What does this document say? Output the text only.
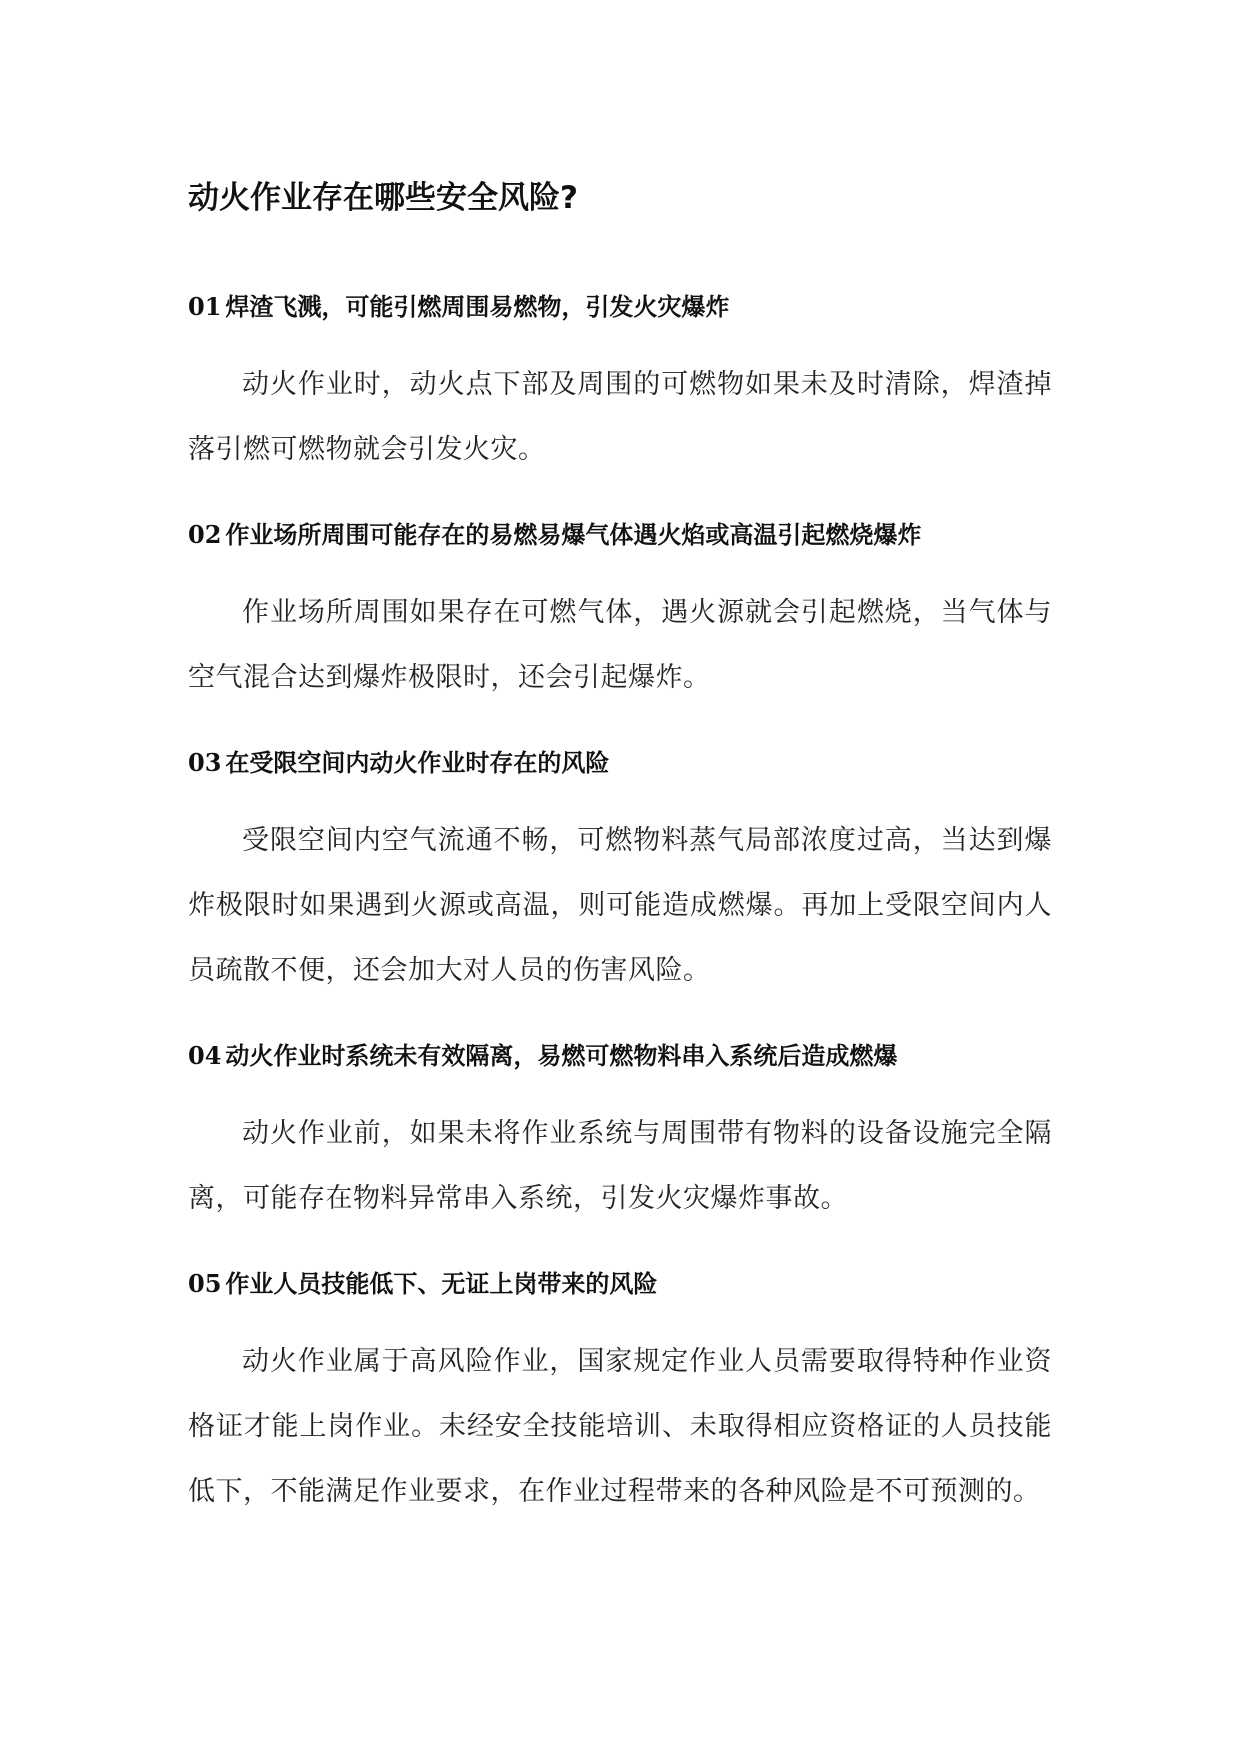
动火作业存在哪些安全风险?
01 焊渣飞溅，可能引燃周围易燃物，引发火灾爆炸

动火作业时，动火点下部及周围的可燃物如果未及时清除，焊渣掉落引燃可燃物就会引发火灾。

02 作业场所周围可能存在的易燃易爆气体遇火焰或高温引起燃烧爆炸

作业场所周围如果存在可燃气体，遇火源就会引起燃烧，当气体与空气混合达到爆炸极限时，还会引起爆炸。

03 在受限空间内动火作业时存在的风险

受限空间内空气流通不畅，可燃物料蒸气局部浓度过高，当达到爆炸极限时如果遇到火源或高温，则可能造成燃爆。再加上受限空间内人员疏散不便，还会加大对人员的伤害风险。

04 动火作业时系统未有效隔离，易燃可燃物料串入系统后造成燃爆

动火作业前，如果未将作业系统与周围带有物料的设备设施完全隔离，可能存在物料异常串入系统，引发火灾爆炸事故。

05 作业人员技能低下、无证上岗带来的风险

动火作业属于高风险作业，国家规定作业人员需要取得特种作业资格证才能上岗作业。未经安全技能培训、未取得相应资格证的人员技能低下，不能满足作业要求，在作业过程带来的各种风险是不可预测的。
